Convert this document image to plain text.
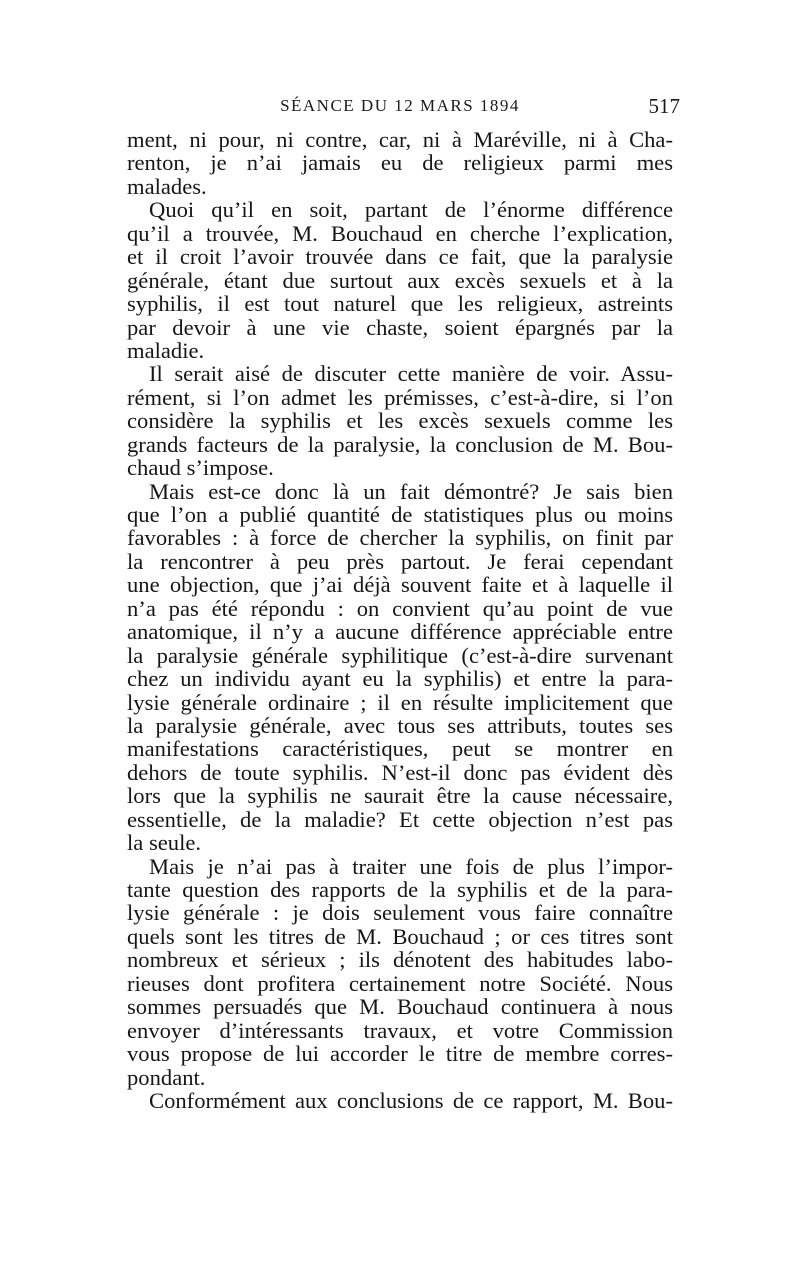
SÉANCE DU 12 MARS 1894	517
ment, ni pour, ni contre, car, ni à Maréville, ni à Cha-
renton, je n’ai jamais eu de religieux parmi mes
malades.
Quoi qu’il en soit, partant de l’énorme différence
qu’il a trouvée, M. Bouchaud en cherche l’explication,
et il croit l’avoir trouvée dans ce fait, que la paralysie
générale, étant due surtout aux excès sexuels et à la
syphilis, il est tout naturel que les religieux, astreints
par devoir à une vie chaste, soient épargnés par la
maladie.
Il serait aisé de discuter cette manière de voir. Assu-
rément, si l’on admet les prémisses, c’est-à-dire, si l’on
considère la syphilis et les excès sexuels comme les
grands facteurs de la paralysie, la conclusion de M. Bou-
chaud s’impose.
Mais est-ce donc là un fait démontré? Je sais bien
que l’on a publié quantité de statistiques plus ou moins
favorables : à force de chercher la syphilis, on finit par
la rencontrer à peu près partout. Je ferai cependant
une objection, que j’ai déjà souvent faite et à laquelle il
n’a pas été répondu : on convient qu’au point de vue
anatomique, il n’y a aucune différence appréciable entre
la paralysie générale syphilitique (c’est-à-dire survenant
chez un individu ayant eu la syphilis) et entre la para-
lysie générale ordinaire ; il en résulte implicitement que
la paralysie générale, avec tous ses attributs, toutes ses
manifestations caractéristiques, peut se montrer en
dehors de toute syphilis. N’est-il donc pas évident dès
lors que la syphilis ne saurait être la cause nécessaire,
essentielle, de la maladie? Et cette objection n’est pas
la seule.
Mais je n’ai pas à traiter une fois de plus l’impor-
tante question des rapports de la syphilis et de la para-
lysie générale : je dois seulement vous faire connaître
quels sont les titres de M. Bouchaud ; or ces titres sont
nombreux et sérieux ; ils dénotent des habitudes labo-
rieuses dont profitera certainement notre Société. Nous
sommes persuadés que M. Bouchaud continuera à nous
envoyer d’intéressants travaux, et votre Commission
vous propose de lui accorder le titre de membre corres-
pondant.
Conformément aux conclusions de ce rapport, M. Bou-
